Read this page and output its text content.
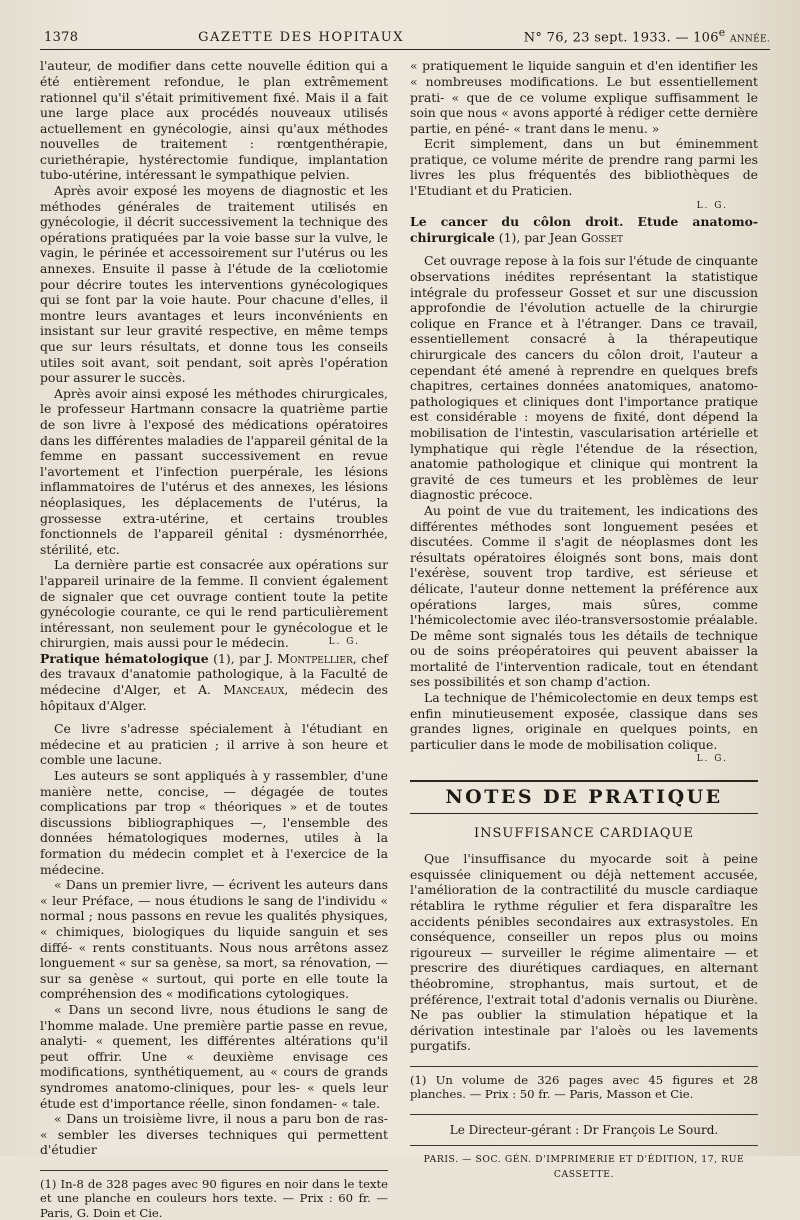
1378	GAZETTE DES HOPITAUX	N° 76, 23 sept. 1933. — 106e ANNÉE.

l'auteur, de modifier dans cette nouvelle édition qui a été entièrement refondue, le plan extrêmement rationnel qu'il s'était primitivement fixé. Mais il a fait une large place aux procédés nouveaux utilisés actuellement en gynécologie, ainsi qu'aux méthodes nouvelles de traitement : rœntgenthérapie, curiethérapie, hystérectomie fundique, implantation tubo-utérine, intéressant le sympathique pelvien.

Après avoir exposé les moyens de diagnostic et les méthodes générales de traitement utilisés en gynécologie, il décrit successivement la technique des opérations pratiquées par la voie basse sur la vulve, le vagin, le périnée et accessoirement sur l'utérus ou les annexes. Ensuite il passe à l'étude de la cœliotomie pour décrire toutes les interventions gynécologiques qui se font par la voie haute. Pour chacune d'elles, il montre leurs avantages et leurs inconvénients en insistant sur leur gravité respective, en même temps que sur leurs résultats, et donne tous les conseils utiles soit avant, soit pendant, soit après l'opération pour assurer le succès.

Après avoir ainsi exposé les méthodes chirurgicales, le professeur Hartmann consacre la quatrième partie de son livre à l'exposé des médications opératoires dans les différentes maladies de l'appareil génital de la femme en passant successivement en revue l'avortement et l'infection puerpérale, les lésions inflammatoires de l'utérus et des annexes, les lésions néoplasiques, les déplacements de l'utérus, la grossesse extra-utérine, et certains troubles fonctionnels de l'appareil génital : dysménorrhée, stérilité, etc.

La dernière partie est consacrée aux opérations sur l'appareil urinaire de la femme. Il convient également de signaler que cet ouvrage contient toute la petite gynécologie courante, ce qui le rend particulièrement intéressant, non seulement pour le gynécologue et le chirurgien, mais aussi pour le médecin.	L. G.

Pratique hématologique (1), par J. Montpellier, chef des travaux d'anatomie pathologique, à la Faculté de médecine d'Alger, et A. Manceaux, médecin des hôpitaux d'Alger.

Ce livre s'adresse spécialement à l'étudiant en médecine et au praticien ; il arrive à son heure et comble une lacune.

Les auteurs se sont appliqués à y rassembler, d'une manière nette, concise, — dégagée de toutes complications par trop « théoriques » et de toutes discussions bibliographiques —, l'ensemble des données hématologiques modernes, utiles à la formation du médecin complet et à l'exercice de la médecine.

« Dans un premier livre, — écrivent les auteurs dans « leur Préface, — nous étudions le sang de l'individu « normal ; nous passons en revue les qualités physiques, « chimiques, biologiques du liquide sanguin et ses diffé- « rents constituants. Nous nous arrêtons assez longuement « sur sa genèse, sa mort, sa rénovation, — sur sa genèse « surtout, qui porte en elle toute la compréhension des « modifications cytologiques.

« Dans un second livre, nous étudions le sang de l'homme malade. Une première partie passe en revue, analyti- « quement, les différentes altérations qu'il peut offrir. Une « deuxième envisage ces modifications, synthétiquement, au « cours de grands syndromes anatomo-cliniques, pour les- « quels leur étude est d'importance réelle, sinon fondamen- « tale.

« Dans un troisième livre, il nous a paru bon de ras- « sembler les diverses techniques qui permettent d'étudier

(1) In-8 de 328 pages avec 90 figures en noir dans le texte et une planche en couleurs hors texte. — Prix : 60 fr. — Paris, G. Doin et Cie.

« pratiquement le liquide sanguin et d'en identifier les « nombreuses modifications. Le but essentiellement prati- « que de ce volume explique suffisamment le soin que nous « avons apporté à rédiger cette dernière partie, en péné- « trant dans le menu. »

Ecrit simplement, dans un but éminemment pratique, ce volume mérite de prendre rang parmi les livres les plus fréquentés des bibliothèques de l'Etudiant et du Praticien.

L. G.

Le cancer du côlon droit. Etude anatomo-chirurgicale (1), par Jean Gosset

Cet ouvrage repose à la fois sur l'étude de cinquante observations inédites représentant la statistique intégrale du professeur Gosset et sur une discussion approfondie de l'évolution actuelle de la chirurgie colique en France et à l'étranger. Dans ce travail, essentiellement consacré à la thérapeutique chirurgicale des cancers du côlon droit, l'auteur a cependant été amené à reprendre en quelques brefs chapitres, certaines données anatomiques, anatomo-pathologiques et cliniques dont l'importance pratique est considérable : moyens de fixité, dont dépend la mobilisation de l'intestin, vascularisation artérielle et lymphatique qui règle l'étendue de la résection, anatomie pathologique et clinique qui montrent la gravité de ces tumeurs et les problèmes de leur diagnostic précoce.

Au point de vue du traitement, les indications des différentes méthodes sont longuement pesées et discutées. Comme il s'agit de néoplasmes dont les résultats opératoires éloignés sont bons, mais dont l'exérèse, souvent trop tardive, est sérieuse et délicate, l'auteur donne nettement la préférence aux opérations larges, mais sûres, comme l'hémicolectomie avec iléo-transversostomie préalable. De même sont signalés tous les détails de technique ou de soins préopératoires qui peuvent abaisser la mortalité de l'intervention radicale, tout en étendant ses possibilités et son champ d'action.

La technique de l'hémicolectomie en deux temps est enfin minutieusement exposée, classique dans ses grandes lignes, originale en quelques points, en particulier dans le mode de mobilisation colique.

L. G.

NOTES DE PRATIQUE
INSUFFISANCE CARDIAQUE

Que l'insuffisance du myocarde soit à peine esquissée cliniquement ou déjà nettement accusée, l'amélioration de la contractilité du muscle cardiaque rétablira le rythme régulier et fera disparaître les accidents pénibles secondaires aux extrasystoles. En conséquence, conseiller un repos plus ou moins rigoureux — surveiller le régime alimentaire — et prescrire des diurétiques cardiaques, en alternant théobromine, strophantus, mais surtout, et de préférence, l'extrait total d'adonis vernalis ou Diurène. Ne pas oublier la stimulation hépatique et la dérivation intestinale par l'aloès ou les lavements purgatifs.

(1) Un volume de 326 pages avec 45 figures et 28 planches. — Prix : 50 fr. — Paris, Masson et Cie.

Le Directeur-gérant : Dr François Le Sourd.
PARIS. — SOC. GÉN. D'IMPRIMERIE ET D'ÉDITION, 17, RUE CASSETTE.
